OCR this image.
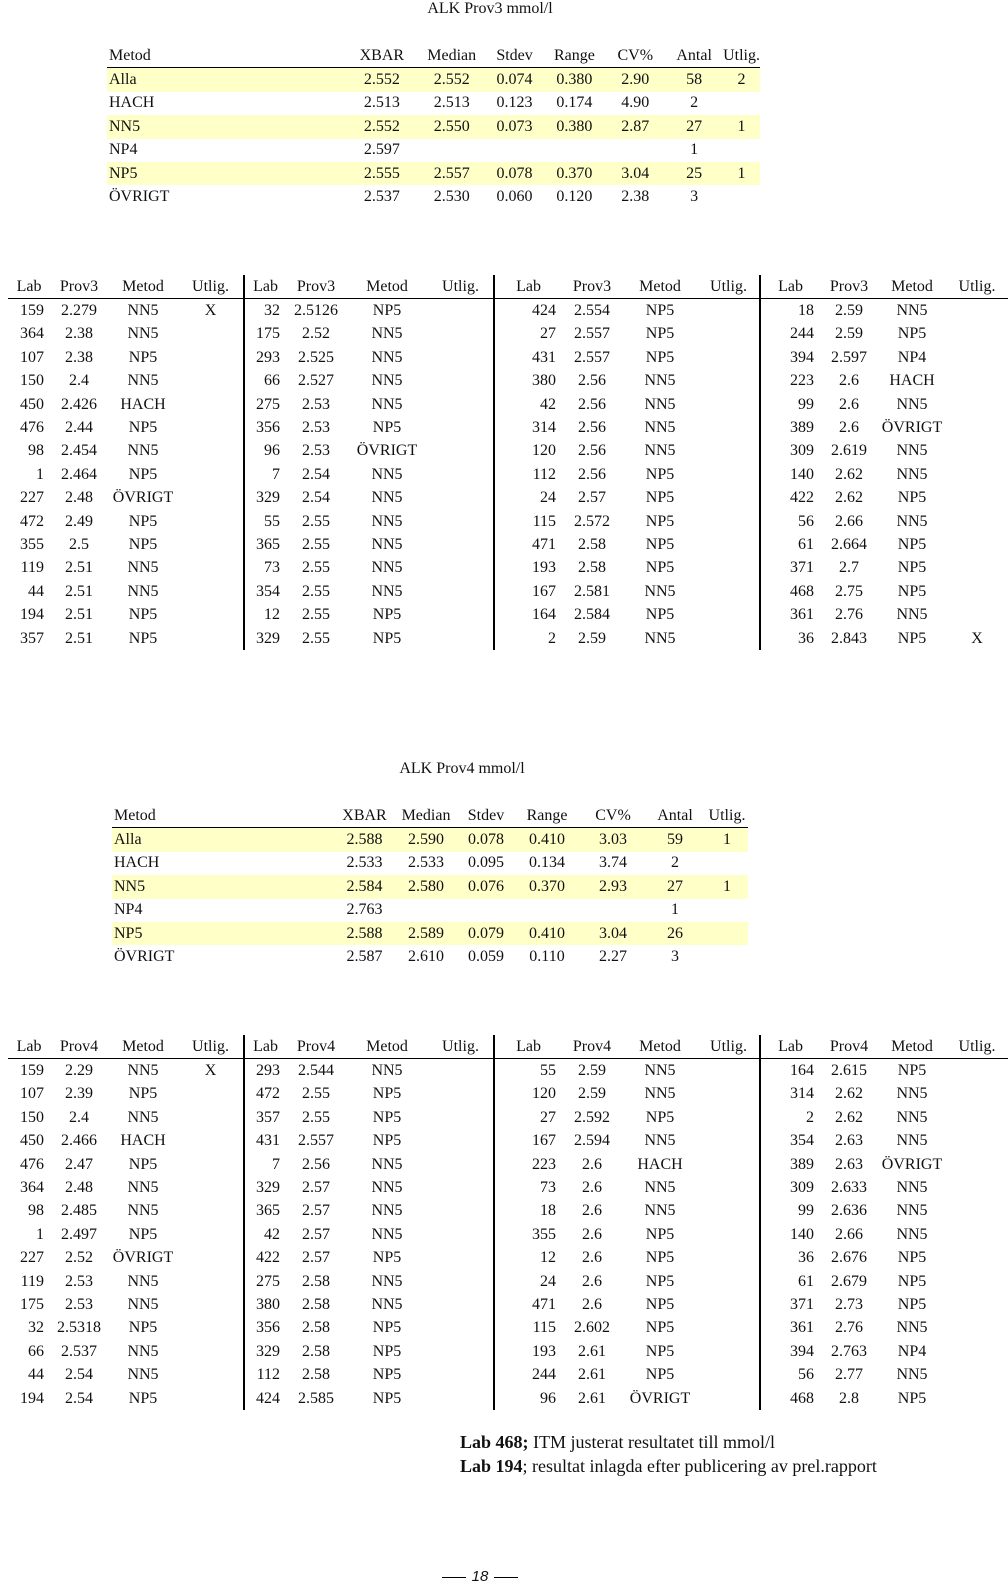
ALK Prov3 mmol/l
Metod	XBAR	Median	Stdev	Range	CV%	Antal	Utlig.
Alla	2.552	2.552	0.074	0.380	2.90	58	2
HACH	2.513	2.513	0.123	0.174	4.90	2	
NN5	2.552	2.550	0.073	0.380	2.87	27	1
NP4	2.597					1	
NP5	2.555	2.557	0.078	0.370	3.04	25	1
ÖVRIGT	2.537	2.530	0.060	0.120	2.38	3	
Lab	Prov3	Metod	Utlig.	Lab	Prov3	Metod	Utlig.	Lab	Prov3	Metod	Utlig.	Lab	Prov3	Metod	Utlig.
159	2.279	NN5	X	32	2.5126	NP5		424	2.554	NP5		18	2.59	NN5	
364	2.38	NN5		175	2.52	NN5		27	2.557	NP5		244	2.59	NP5	
107	2.38	NP5		293	2.525	NN5		431	2.557	NP5		394	2.597	NP4	
150	2.4	NN5		66	2.527	NN5		380	2.56	NN5		223	2.6	HACH	
450	2.426	HACH		275	2.53	NN5		42	2.56	NN5		99	2.6	NN5	
476	2.44	NP5		356	2.53	NP5		314	2.56	NN5		389	2.6	ÖVRIGT	
98	2.454	NN5		96	2.53	ÖVRIGT		120	2.56	NN5		309	2.619	NN5	
1	2.464	NP5		7	2.54	NN5		112	2.56	NP5		140	2.62	NN5	
227	2.48	ÖVRIGT		329	2.54	NN5		24	2.57	NP5		422	2.62	NP5	
472	2.49	NP5		55	2.55	NN5		115	2.572	NP5		56	2.66	NN5	
355	2.5	NP5		365	2.55	NN5		471	2.58	NP5		61	2.664	NP5	
119	2.51	NN5		73	2.55	NN5		193	2.58	NP5		371	2.7	NP5	
44	2.51	NN5		354	2.55	NN5		167	2.581	NN5		468	2.75	NP5	
194	2.51	NP5		12	2.55	NP5		164	2.584	NP5		361	2.76	NN5	
357	2.51	NP5		329	2.55	NP5		2	2.59	NN5		36	2.843	NP5	X
ALK Prov4 mmol/l
Metod	XBAR	Median	Stdev	Range	CV%	Antal	Utlig.
Alla	2.588	2.590	0.078	0.410	3.03	59	1
HACH	2.533	2.533	0.095	0.134	3.74	2	
NN5	2.584	2.580	0.076	0.370	2.93	27	1
NP4	2.763					1	
NP5	2.588	2.589	0.079	0.410	3.04	26	
ÖVRIGT	2.587	2.610	0.059	0.110	2.27	3	
Lab	Prov4	Metod	Utlig.	Lab	Prov4	Metod	Utlig.	Lab	Prov4	Metod	Utlig.	Lab	Prov4	Metod	Utlig.
159	2.29	NN5	X	293	2.544	NN5		55	2.59	NN5		164	2.615	NP5	
107	2.39	NP5		472	2.55	NP5		120	2.59	NN5		314	2.62	NN5	
150	2.4	NN5		357	2.55	NP5		27	2.592	NP5		2	2.62	NN5	
450	2.466	HACH		431	2.557	NP5		167	2.594	NN5		354	2.63	NN5	
476	2.47	NP5		7	2.56	NN5		223	2.6	HACH		389	2.63	ÖVRIGT	
364	2.48	NN5		329	2.57	NN5		73	2.6	NN5		309	2.633	NN5	
98	2.485	NN5		365	2.57	NN5		18	2.6	NN5		99	2.636	NN5	
1	2.497	NP5		42	2.57	NN5		355	2.6	NP5		140	2.66	NN5	
227	2.52	ÖVRIGT		422	2.57	NP5		12	2.6	NP5		36	2.676	NP5	
119	2.53	NN5		275	2.58	NN5		24	2.6	NP5		61	2.679	NP5	
175	2.53	NN5		380	2.58	NN5		471	2.6	NP5		371	2.73	NP5	
32	2.5318	NP5		356	2.58	NP5		115	2.602	NP5		361	2.76	NN5	
66	2.537	NN5		329	2.58	NP5		193	2.61	NP5		394	2.763	NP4	
44	2.54	NN5		112	2.58	NP5		244	2.61	NP5		56	2.77	NN5	
194	2.54	NP5		424	2.585	NP5		96	2.61	ÖVRIGT		468	2.8	NP5	
Lab 468; ITM justerat resultatet till mmol/l
Lab 194; resultat inlagda efter publicering av prel.rapport
18
